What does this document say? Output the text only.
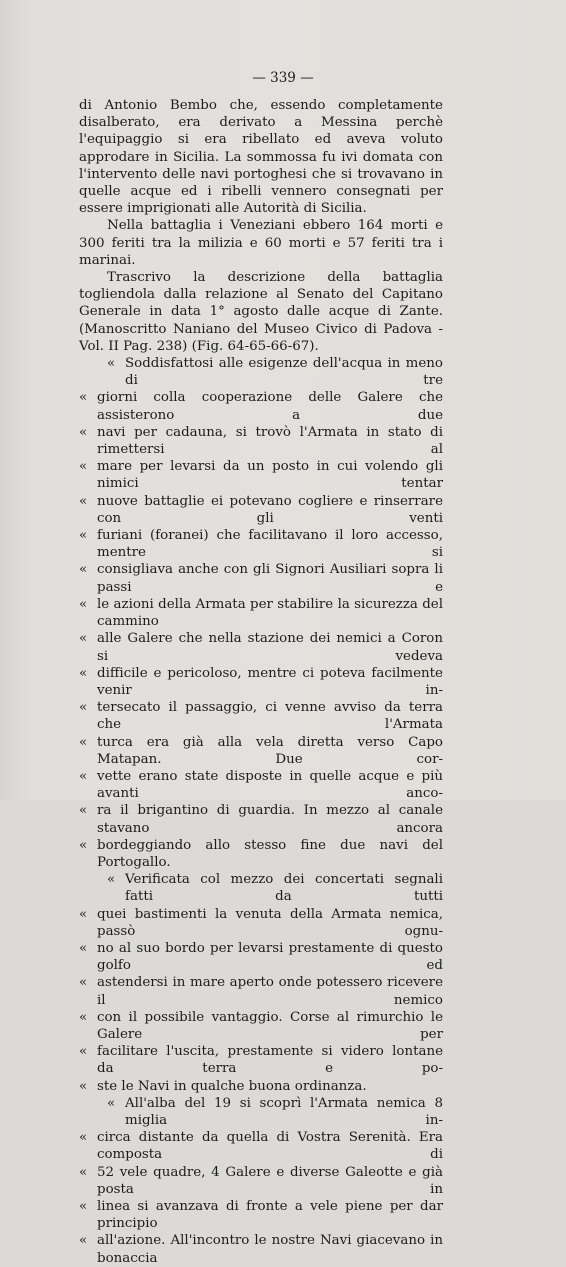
— 339 —

di Antonio Bembo che, essendo completamente disalberato, era derivato a Messina perchè l'equipaggio si era ribellato ed aveva voluto approdare in Sicilia. La sommossa fu ivi domata con l'intervento delle navi portoghesi che si trovavano in quelle acque ed i ribelli vennero consegnati per essere imprigionati alle Autorità di Sicilia.

Nella battaglia i Veneziani ebbero 164 morti e 300 feriti tra la milizia e 60 morti e 57 feriti tra i marinai.

Trascrivo la descrizione della battaglia togliendola dalla relazione al Senato del Capitano Generale in data 1° agosto dalle acque di Zante. (Manoscritto Naniano del Museo Civico di Padova - Vol. II Pag. 238) (Fig. 64-65-66-67).

« Soddisfattosi alle esigenze dell'acqua in meno di tre
« giorni colla cooperazione delle Galere che assisterono a due
« navi per cadauna, si trovò l'Armata in stato di rimettersi al
« mare per levarsi da un posto in cui volendo gli nimici tentar
« nuove battaglie ei potevano cogliere e rinserrare con gli venti
« furiani (foranei) che facilitavano il loro accesso, mentre si
« consigliava anche con gli Signori Ausiliari sopra li passi e
« le azioni della Armata per stabilire la sicurezza del cammino
« alle Galere che nella stazione dei nemici a Coron si vedeva
« difficile e pericoloso, mentre ci poteva facilmente venir in-
« tersecato il passaggio, ci venne avviso da terra che l'Armata
« turca era già alla vela diretta verso Capo Matapan. Due cor-
« vette erano state disposte in quelle acque e più avanti anco-
« ra il brigantino di guardia. In mezzo al canale stavano ancora
« bordeggiando allo stesso fine due navi del Portogallo.
« Verificata col mezzo dei concertati segnali fatti da tutti
« quei bastimenti la venuta della Armata nemica, passò ognu-
« no al suo bordo per levarsi prestamente di questo golfo ed
« astendersi in mare aperto onde potessero ricevere il nemico
« con il possibile vantaggio. Corse al rimurchio le Galere per
« facilitare l'uscita, prestamente si videro lontane da terra e po-
« ste le Navi in qualche buona ordinanza.
« All'alba del 19 si scoprì l'Armata nemica 8 miglia in-
« circa distante da quella di Vostra Serenità. Era composta di
« 52 vele quadre, 4 Galere e diverse Galeotte e già posta in
« linea si avanzava di fronte a vele piene per dar principio
« all'azione. All'incontro le nostre Navi giacevano in bonaccia
